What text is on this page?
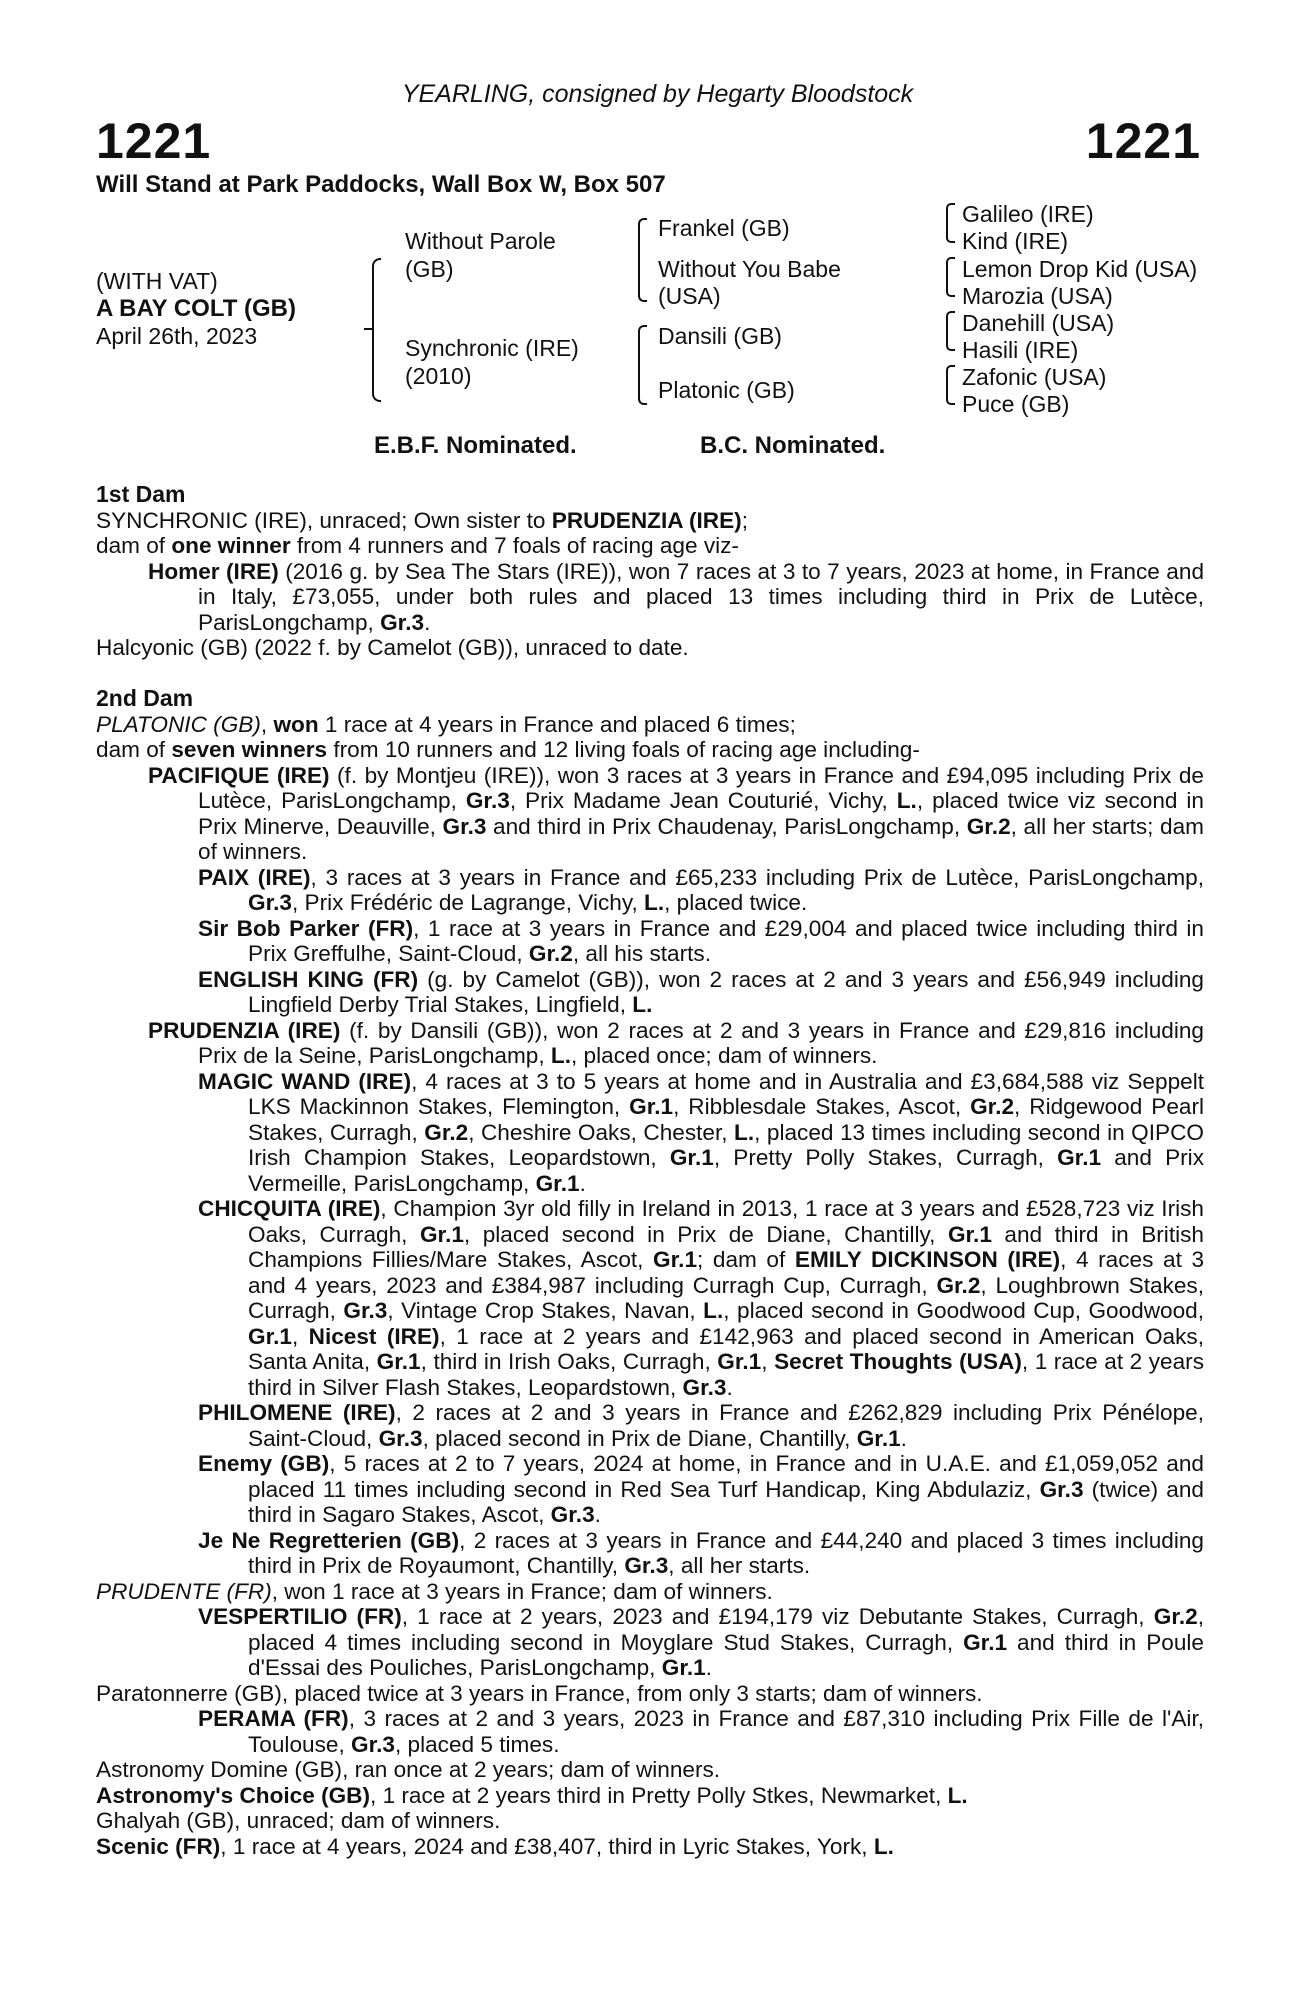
YEARLING, consigned by Hegarty Bloodstock
1221	1221
Will Stand at Park Paddocks, Wall Box W, Box 507
(WITH VAT)
A BAY COLT (GB)
April 26th, 2023
Without Parole
(GB)
Synchronic (IRE)
(2010)
Frankel (GB)
Without You Babe
(USA)
Dansili (GB)
Platonic (GB)
Galileo (IRE)
Kind (IRE)
Lemon Drop Kid (USA)
Marozia (USA)
Danehill (USA)
Hasili (IRE)
Zafonic (USA)
Puce (GB)
E.B.F. Nominated.	B.C. Nominated.
1st Dam
SYNCHRONIC (IRE), unraced; Own sister to PRUDENZIA (IRE);
dam of one winner from 4 runners and 7 foals of racing age viz-
Homer (IRE) (2016 g. by Sea The Stars (IRE)), won 7 races at 3 to 7 years, 2023 at home, in France and in Italy, £73,055, under both rules and placed 13 times including third in Prix de Lutèce, ParisLongchamp, Gr.3.
Halcyonic (GB) (2022 f. by Camelot (GB)), unraced to date.
2nd Dam
PLATONIC (GB), won 1 race at 4 years in France and placed 6 times;
dam of seven winners from 10 runners and 12 living foals of racing age including-
PACIFIQUE (IRE) (f. by Montjeu (IRE)), won 3 races at 3 years in France and £94,095 including Prix de Lutèce, ParisLongchamp, Gr.3, Prix Madame Jean Couturié, Vichy, L., placed twice viz second in Prix Minerve, Deauville, Gr.3 and third in Prix Chaudenay, ParisLongchamp, Gr.2, all her starts; dam of winners.
PAIX (IRE), 3 races at 3 years in France and £65,233 including Prix de Lutèce, ParisLongchamp, Gr.3, Prix Frédéric de Lagrange, Vichy, L., placed twice.
Sir Bob Parker (FR), 1 race at 3 years in France and £29,004 and placed twice including third in Prix Greffulhe, Saint-Cloud, Gr.2, all his starts.
ENGLISH KING (FR) (g. by Camelot (GB)), won 2 races at 2 and 3 years and £56,949 including Lingfield Derby Trial Stakes, Lingfield, L.
PRUDENZIA (IRE) (f. by Dansili (GB)), won 2 races at 2 and 3 years in France and £29,816 including Prix de la Seine, ParisLongchamp, L., placed once; dam of winners.
MAGIC WAND (IRE), 4 races at 3 to 5 years at home and in Australia and £3,684,588 viz Seppelt LKS Mackinnon Stakes, Flemington, Gr.1, Ribblesdale Stakes, Ascot, Gr.2, Ridgewood Pearl Stakes, Curragh, Gr.2, Cheshire Oaks, Chester, L., placed 13 times including second in QIPCO Irish Champion Stakes, Leopardstown, Gr.1, Pretty Polly Stakes, Curragh, Gr.1 and Prix Vermeille, ParisLongchamp, Gr.1.
CHICQUITA (IRE), Champion 3yr old filly in Ireland in 2013, 1 race at 3 years and £528,723 viz Irish Oaks, Curragh, Gr.1, placed second in Prix de Diane, Chantilly, Gr.1 and third in British Champions Fillies/Mare Stakes, Ascot, Gr.1; dam of EMILY DICKINSON (IRE), 4 races at 3 and 4 years, 2023 and £384,987 including Curragh Cup, Curragh, Gr.2, Loughbrown Stakes, Curragh, Gr.3, Vintage Crop Stakes, Navan, L., placed second in Goodwood Cup, Goodwood, Gr.1, Nicest (IRE), 1 race at 2 years and £142,963 and placed second in American Oaks, Santa Anita, Gr.1, third in Irish Oaks, Curragh, Gr.1, Secret Thoughts (USA), 1 race at 2 years third in Silver Flash Stakes, Leopardstown, Gr.3.
PHILOMENE (IRE), 2 races at 2 and 3 years in France and £262,829 including Prix Pénélope, Saint-Cloud, Gr.3, placed second in Prix de Diane, Chantilly, Gr.1.
Enemy (GB), 5 races at 2 to 7 years, 2024 at home, in France and in U.A.E. and £1,059,052 and placed 11 times including second in Red Sea Turf Handicap, King Abdulaziz, Gr.3 (twice) and third in Sagaro Stakes, Ascot, Gr.3.
Je Ne Regretterien (GB), 2 races at 3 years in France and £44,240 and placed 3 times including third in Prix de Royaumont, Chantilly, Gr.3, all her starts.
PRUDENTE (FR), won 1 race at 3 years in France; dam of winners.
VESPERTILIO (FR), 1 race at 2 years, 2023 and £194,179 viz Debutante Stakes, Curragh, Gr.2, placed 4 times including second in Moyglare Stud Stakes, Curragh, Gr.1 and third in Poule d'Essai des Pouliches, ParisLongchamp, Gr.1.
Paratonnerre (GB), placed twice at 3 years in France, from only 3 starts; dam of winners.
PERAMA (FR), 3 races at 2 and 3 years, 2023 in France and £87,310 including Prix Fille de l'Air, Toulouse, Gr.3, placed 5 times.
Astronomy Domine (GB), ran once at 2 years; dam of winners.
Astronomy's Choice (GB), 1 race at 2 years third in Pretty Polly Stkes, Newmarket, L.
Ghalyah (GB), unraced; dam of winners.
Scenic (FR), 1 race at 4 years, 2024 and £38,407, third in Lyric Stakes, York, L.
